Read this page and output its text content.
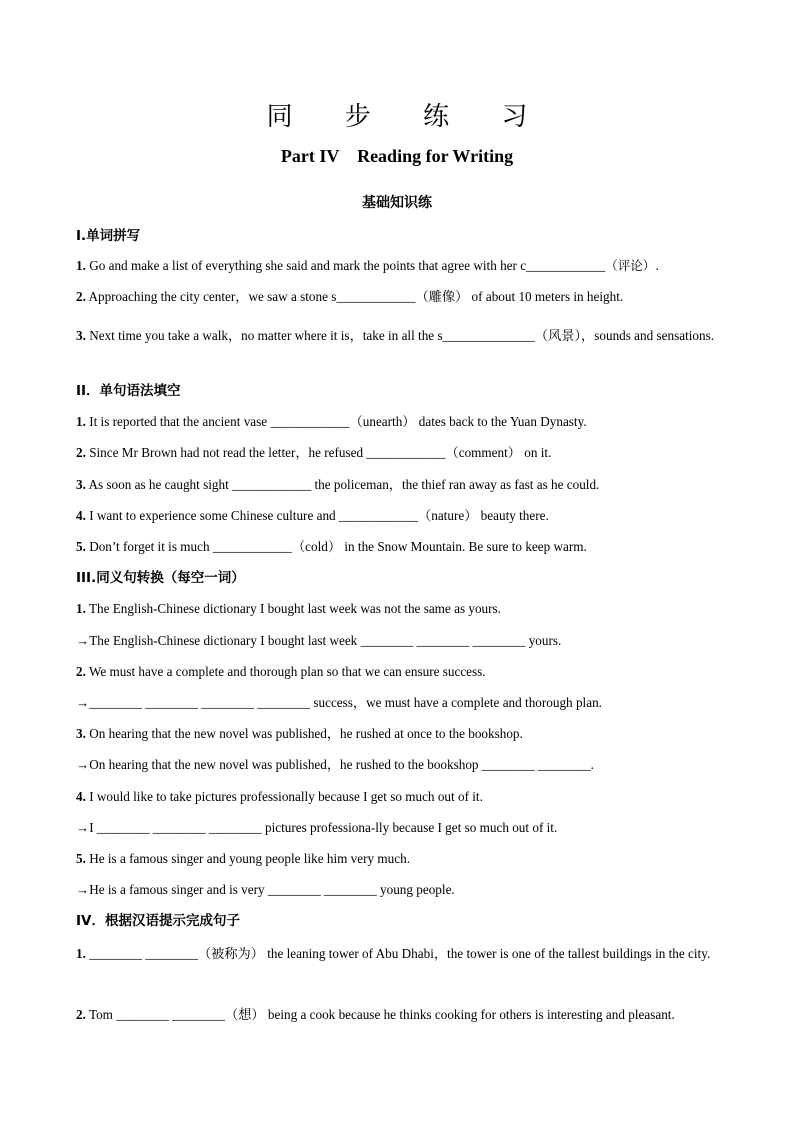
同 步 练 习
Part IV    Reading for Writing
基础知识练
Ⅰ.单词拼写
1. Go and make a list of everything she said and mark the points that agree with her c____________（评论）.
2. Approaching the city center，we saw a stone s____________（雕像） of about 10 meters in height.
3. Next time you take a walk，no matter where it is，take in all the s______________（风景），sounds and sensations.
II．单句语法填空
1. It is reported that the ancient vase ____________（unearth） dates back to the Yuan Dynasty.
2. Since Mr Brown had not read the letter，he refused ____________（comment） on it.
3. As soon as he caught sight ____________ the policeman，the thief ran away as fast as he could.
4. I want to experience some Chinese culture and ____________（nature） beauty there.
5. Don’t forget it is much ____________（cold） in the Snow Mountain. Be sure to keep warm.
III.同义句转换（每空一词）
1. The English-Chinese dictionary I bought last week was not the same as yours.
→The English-Chinese dictionary I bought last week ________ ________ ________ yours.
2. We must have a complete and thorough plan so that we can ensure success.
→________ ________ ________ ________ success，we must have a complete and thorough plan.
3. On hearing that the new novel was published，he rushed at once to the bookshop.
→On hearing that the new novel was published，he rushed to the bookshop ________ ________.
4. I would like to take pictures professionally because I get so much out of it.
→I ________ ________ ________ pictures professiona-lly because I get so much out of it.
5. He is a famous singer and young people like him very much.
→He is a famous singer and is very ________ ________ young people.
IV．根据汉语提示完成句子
1. ________ ________（被称为） the leaning tower of Abu Dhabi，the tower is one of the tallest buildings in the city.
2. Tom ________ ________（想） being a cook because he thinks cooking for others is interesting and pleasant.
